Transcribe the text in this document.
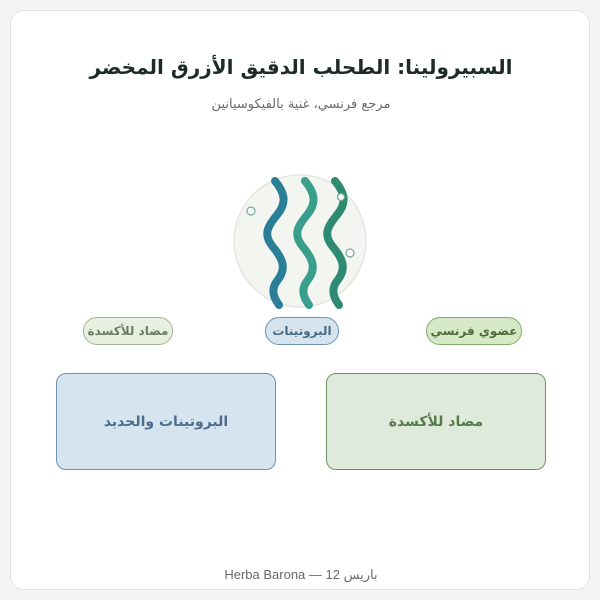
السبيرولينا: الطحلب الدقيق الأزرق المخضر

مرجع فرنسي، غنية بالفيكوسيانين

عضوي فرنسي
البروتينات
مضاد للأكسدة
مضاد للأكسدة
البروتينات والحديد

Herba Barona — 12 باريس
